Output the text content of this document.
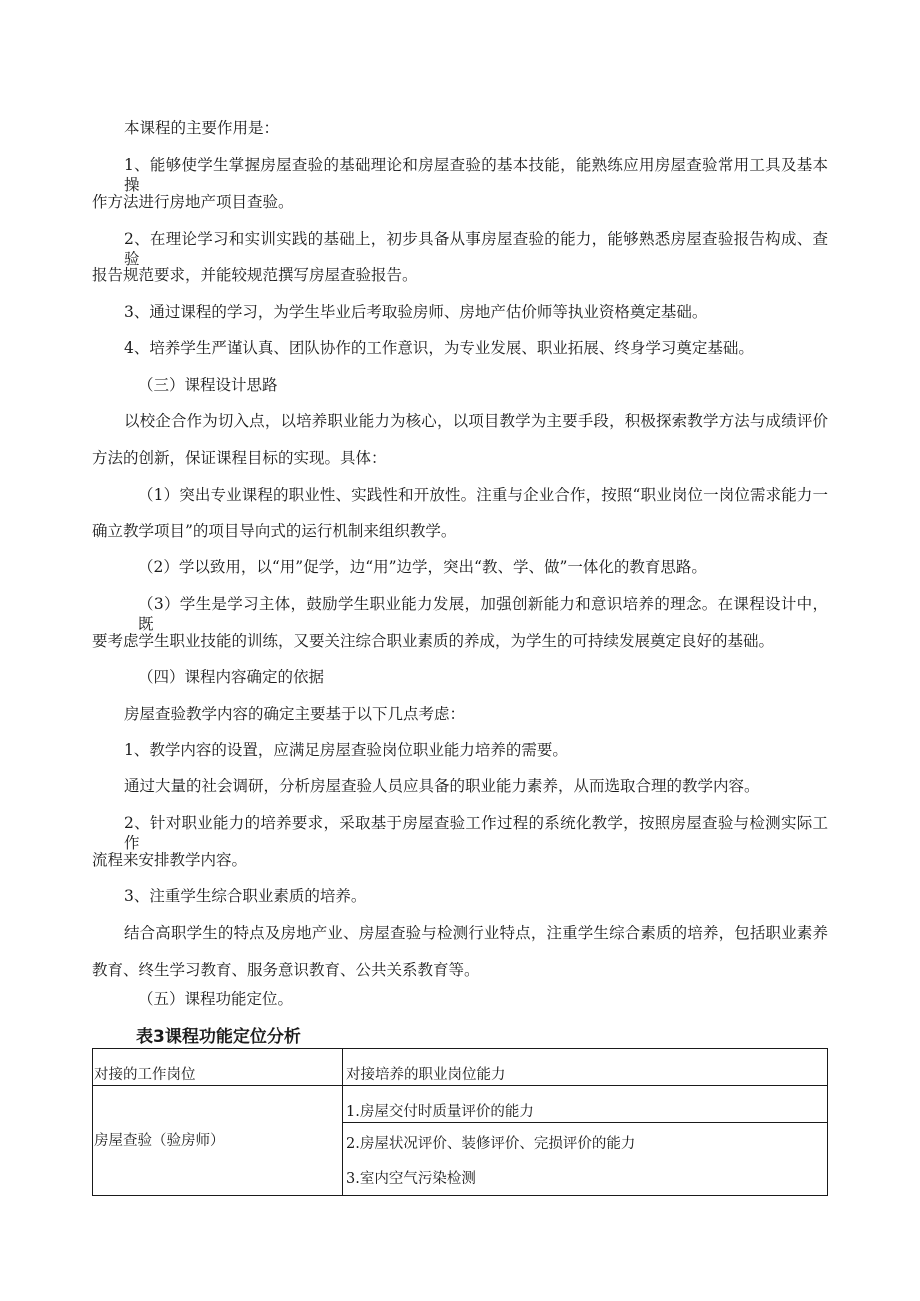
本课程的主要作用是：
1、能够使学生掌握房屋查验的基础理论和房屋查验的基本技能，能熟练应用房屋查验常用工具及基本操
作方法进行房地产项目查验。
2、在理论学习和实训实践的基础上，初步具备从事房屋查验的能力，能够熟悉房屋查验报告构成、查验
报告规范要求，并能较规范撰写房屋查验报告。
3、通过课程的学习，为学生毕业后考取验房师、房地产估价师等执业资格奠定基础。
4、培养学生严谨认真、团队协作的工作意识，为专业发展、职业拓展、终身学习奠定基础。
（三）课程设计思路
以校企合作为切入点，以培养职业能力为核心，以项目教学为主要手段，积极探索教学方法与成绩评价
方法的创新，保证课程目标的实现。具体：
（1）突出专业课程的职业性、实践性和开放性。注重与企业合作，按照“职业岗位一岗位需求能力一
确立教学项目”的项目导向式的运行机制来组织教学。
（2）学以致用，以“用”促学，边“用”边学，突出“教、学、做”一体化的教育思路。
（3）学生是学习主体，鼓励学生职业能力发展，加强创新能力和意识培养的理念。在课程设计中，既
要考虑学生职业技能的训练，又要关注综合职业素质的养成，为学生的可持续发展奠定良好的基础。
（四）课程内容确定的依据
房屋查验教学内容的确定主要基于以下几点考虑：
1、教学内容的设置，应满足房屋查验岗位职业能力培养的需要。
通过大量的社会调研，分析房屋查验人员应具备的职业能力素养，从而选取合理的教学内容。
2、针对职业能力的培养要求，采取基于房屋查验工作过程的系统化教学，按照房屋查验与检测实际工作
流程来安排教学内容。
3、注重学生综合职业素质的培养。
结合高职学生的特点及房地产业、房屋查验与检测行业特点，注重学生综合素质的培养，包括职业素养
教育、终生学习教育、服务意识教育、公共关系教育等。
（五）课程功能定位。
表3课程功能定位分析
对接的工作岗位	对接培养的职业岗位能力
房屋查验（验房师）
1.房屋交付时质量评价的能力
2.房屋状况评价、装修评价、完损评价的能力
3.室内空气污染检测
